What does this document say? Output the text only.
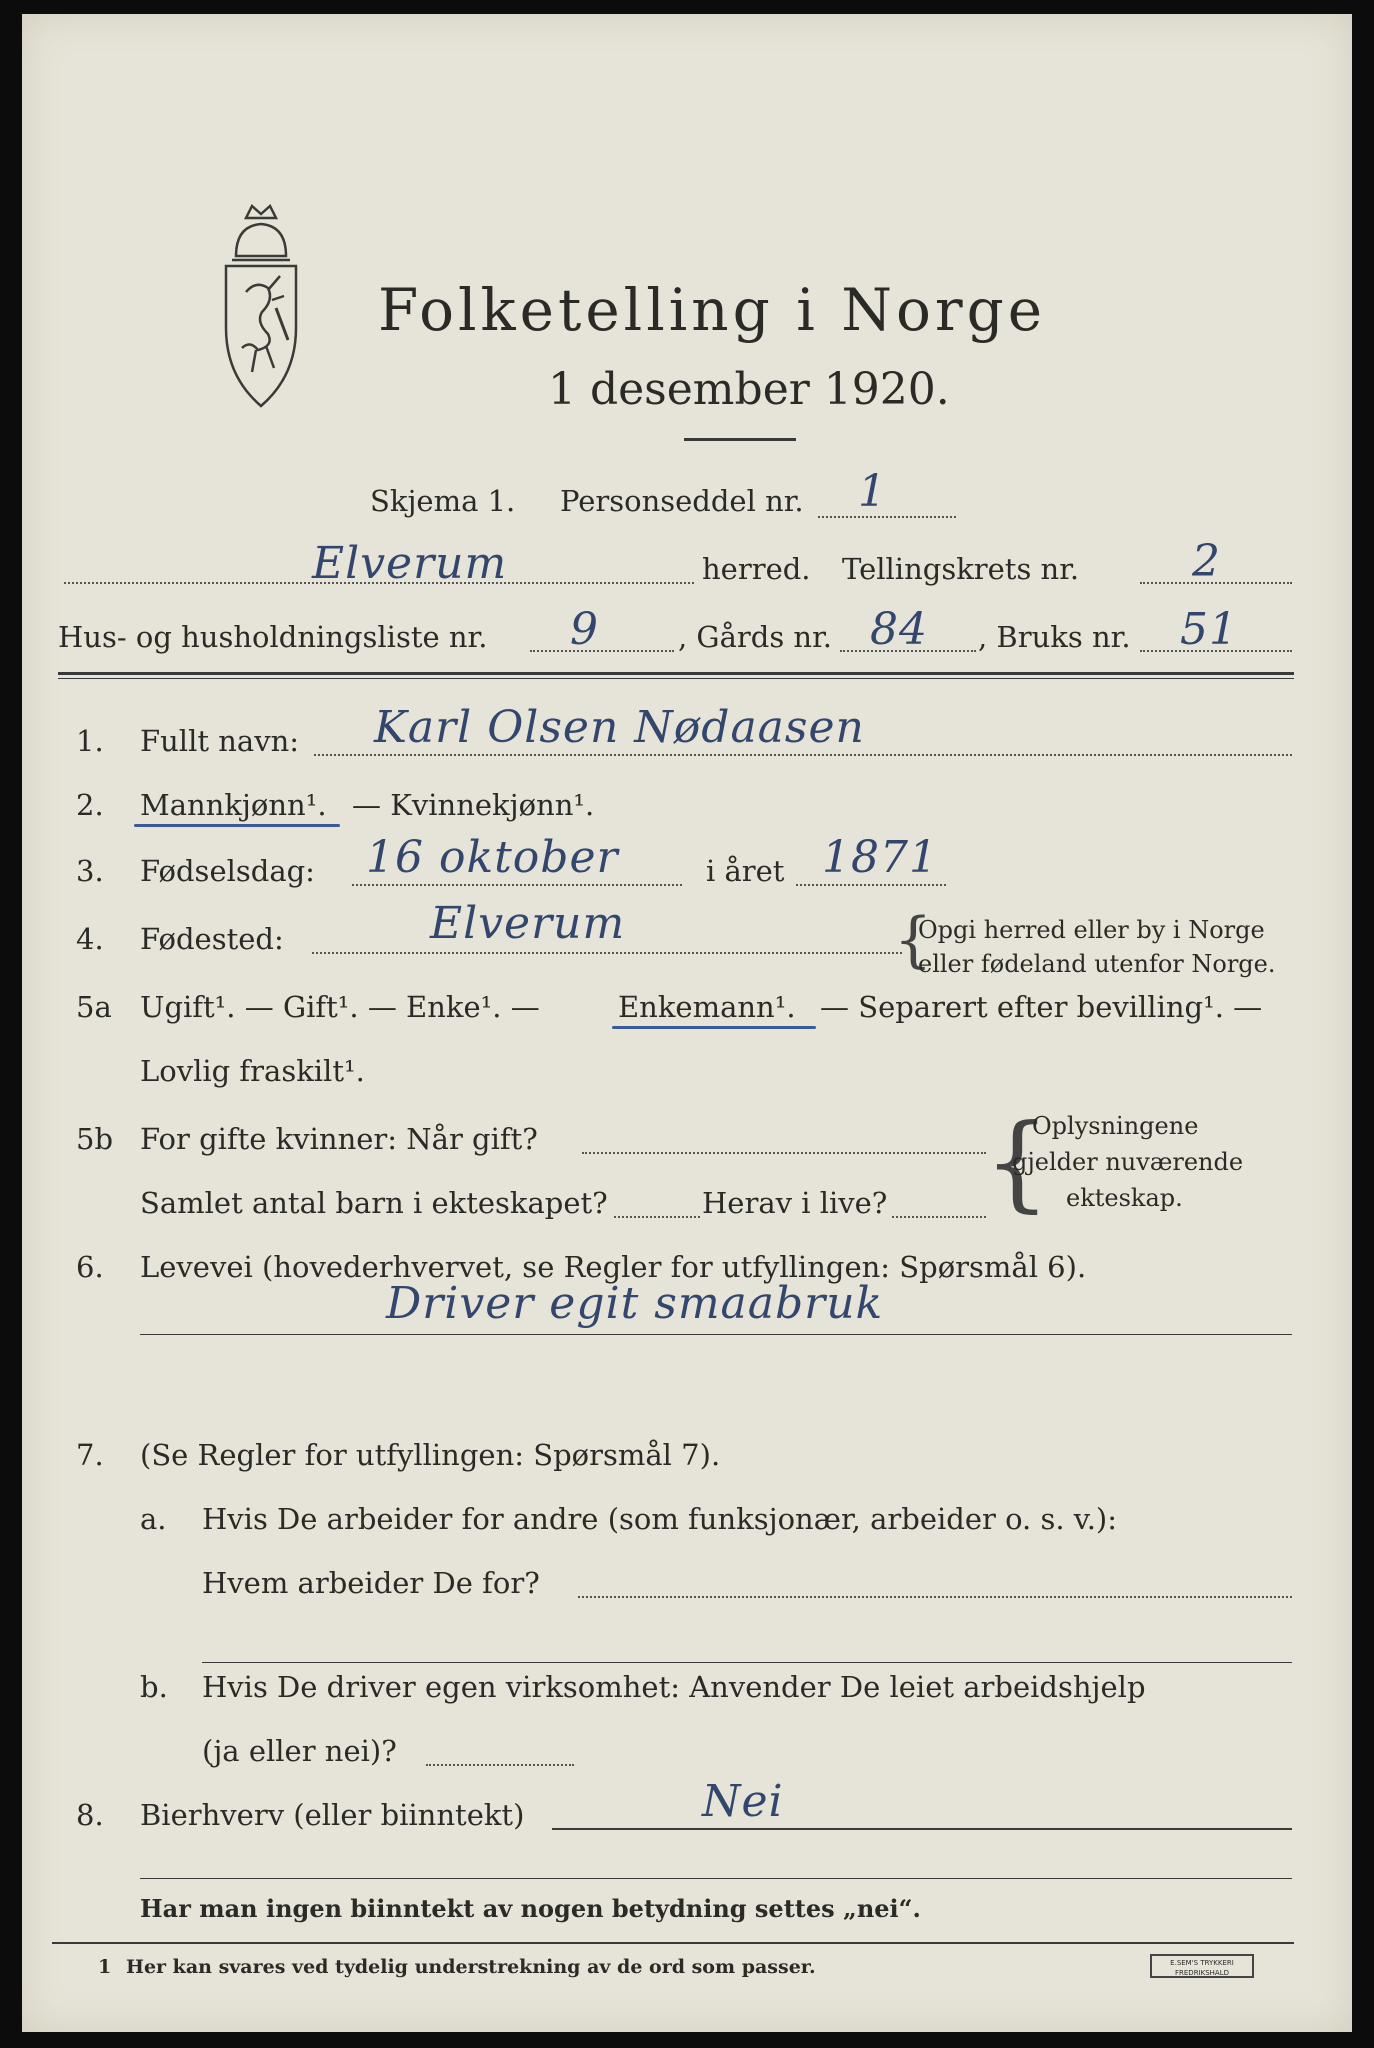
Folketelling i Norge
1 desember 1920.
Skjema 1. Personseddel nr. 1
Elverum	herred. Tellingskrets nr.	2
Hus- og husholdningsliste nr. 9	, Gårds nr. 84 , Bruks nr. 51
1. Fullt navn: Karl Olsen Nødaasen
2. Mannkjønn¹. — Kvinnekjønn¹.
3. Fødselsdag: 16 oktober	i året 1871
4. Fødested:	Elverum	{
Opgi herred eller by i Norge
eller fødeland utenfor Norge.
5a Ugift¹. — Gift¹. — Enke¹. —	Enkemann¹. — Separert efter bevilling¹. —
Lovlig fraskilt¹.
5b For gifte kvinner: Når gift?
Samlet antal barn i ekteskapet?	Herav i live? {
Oplysningene
gjelder nuværende
ekteskap.
6. Levevei (hovederhvervet, se Regler for utfyllingen: Spørsmål 6).
Driver egit smaabruk
7. (Se Regler for utfyllingen: Spørsmål 7).
a. Hvis De arbeider for andre (som funksjonær, arbeider o. s. v.):
Hvem arbeider De for?
b. Hvis De driver egen virksomhet: Anvender De leiet arbeidshjelp
(ja eller nei)?
8. Bierhverv (eller biinntekt)	Nei
Har man ingen biinntekt av nogen betydning settes „nei“.
1 Her kan svares ved tydelig understrekning av de ord som passer.	E.SEM'S TRYKKERI FREDRIKSHALD
